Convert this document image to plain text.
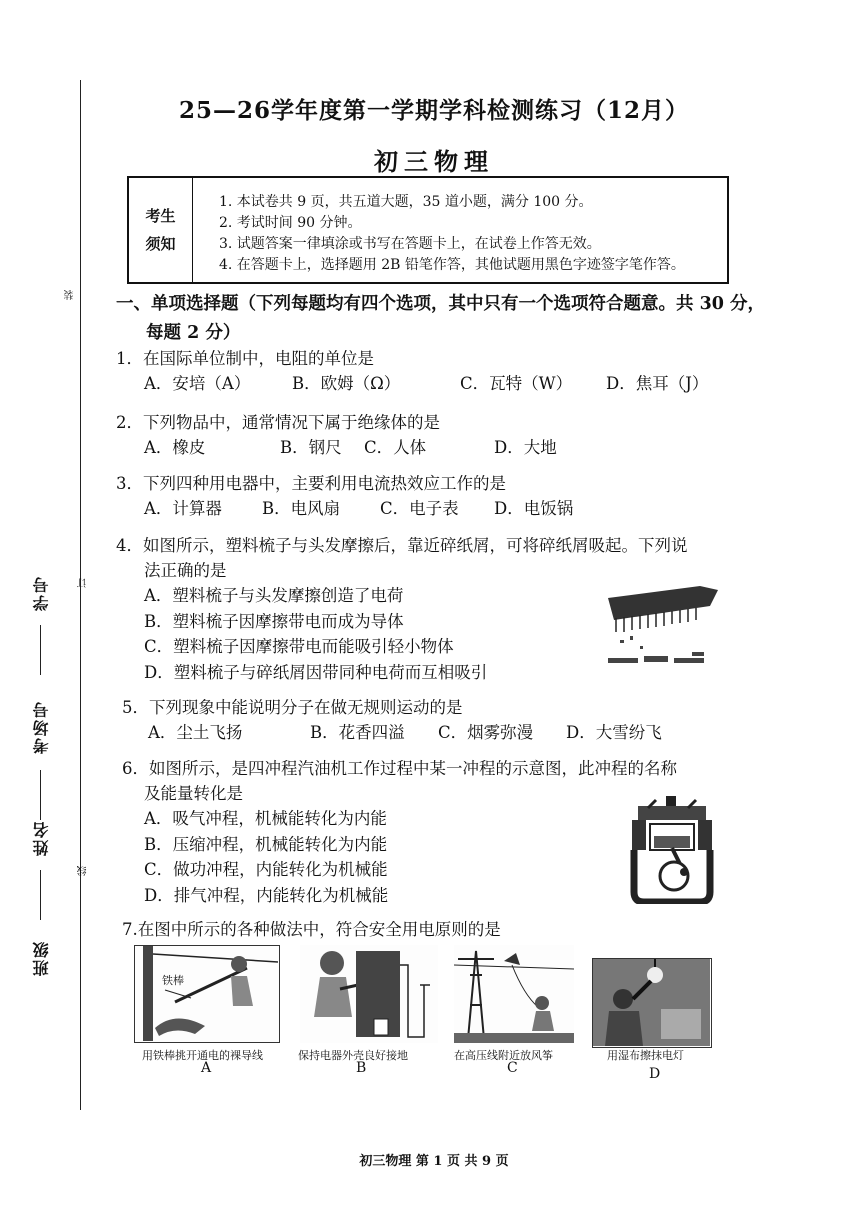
装
订
线
学号
考场号
姓名
班级
25—26学年度第一学期学科检测练习（12月）
初三物理
考生
须知
1. 本试卷共 9 页，共五道大题，35 道小题，满分 100 分。
2. 考试时间 90 分钟。
3. 试题答案一律填涂或书写在答题卡上，在试卷上作答无效。
4. 在答题卡上，选择题用 2B 铅笔作答，其他试题用黑色字迹签字笔作答。
一、单项选择题（下列每题均有四个选项，其中只有一个选项符合题意。共 30 分，
每题 2 分）
1．在国际单位制中，电阻的单位是
A．安培（A）	B．欧姆（Ω）	C．瓦特（W） D．焦耳（J）
2．下列物品中，通常情况下属于绝缘体的是
A．橡皮	B．钢尺 C．人体	D．大地
3．下列四种用电器中，主要利用电流热效应工作的是
A．计算器 B．电风扇 C．电子表 D．电饭锅
4．如图所示，塑料梳子与头发摩擦后，靠近碎纸屑，可将碎纸屑吸起。下列说
法正确的是
A．塑料梳子与头发摩擦创造了电荷
B．塑料梳子因摩擦带电而成为导体
C．塑料梳子因摩擦带电而能吸引轻小物体
D．塑料梳子与碎纸屑因带同种电荷而互相吸引
5．下列现象中能说明分子在做无规则运动的是
A．尘土飞扬	B．花香四溢 C．烟雾弥漫 D．大雪纷飞
6．如图所示，是四冲程汽油机工作过程中某一冲程的示意图，此冲程的名称
及能量转化是
A．吸气冲程，机械能转化为内能
B．压缩冲程，机械能转化为内能
C．做功冲程，内能转化为机械能
D．排气冲程，内能转化为机械能
7.在图中所示的各种做法中，符合安全用电原则的是
铁棒
用铁棒挑开通电的裸导线
A
保持电器外壳良好接地
B
在高压线附近放风筝
C
用湿布擦抹电灯
D
初三物理 第 1 页 共 9 页
